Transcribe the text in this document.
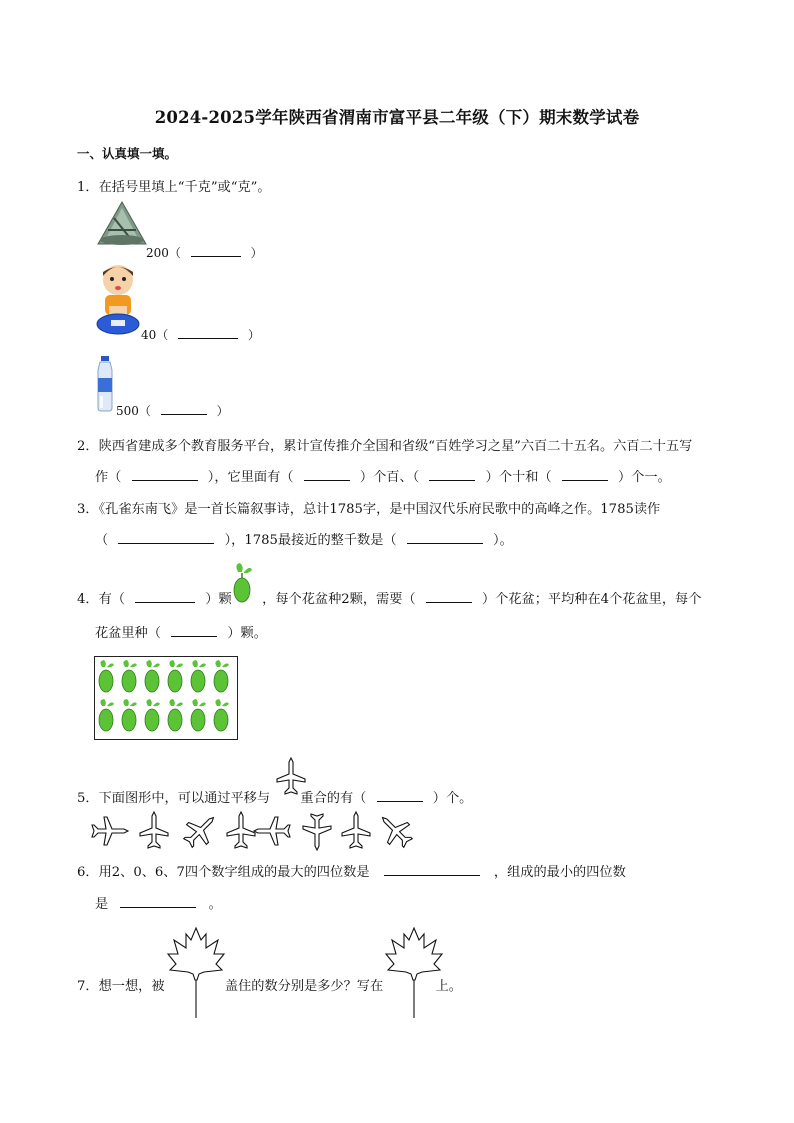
2024-2025学年陕西省渭南市富平县二年级（下）期末数学试卷
一、认真填一填。
1．在括号里填上“千克”或“克”。
200（	）
40（	）
500（	）
2．陕西省建成多个教育服务平台，累计宣传推介全国和省级“百姓学习之星”六百二十五名。六百二十五写
作（	），它里面有（	）个百、（	）个十和（	）个一。
3．《孔雀东南飞》是一首长篇叙事诗，总计1785字，是中国汉代乐府民歌中的高峰之作。1785读作
（	），1785最接近的整千数是（	）。
4．有（	）颗 ，每个花盆种2颗，需要（	）个花盆；平均种在4个花盆里，每个
花盆里种（	）颗。
5．下面图形中，可以通过平移与 重合的有（	）个。
6．用2、0、6、7四个数字组成的最大的四位数是	，组成的最小的四位数
是	。
7．想一想，被	盖住的数分别是多少？写在	上。
